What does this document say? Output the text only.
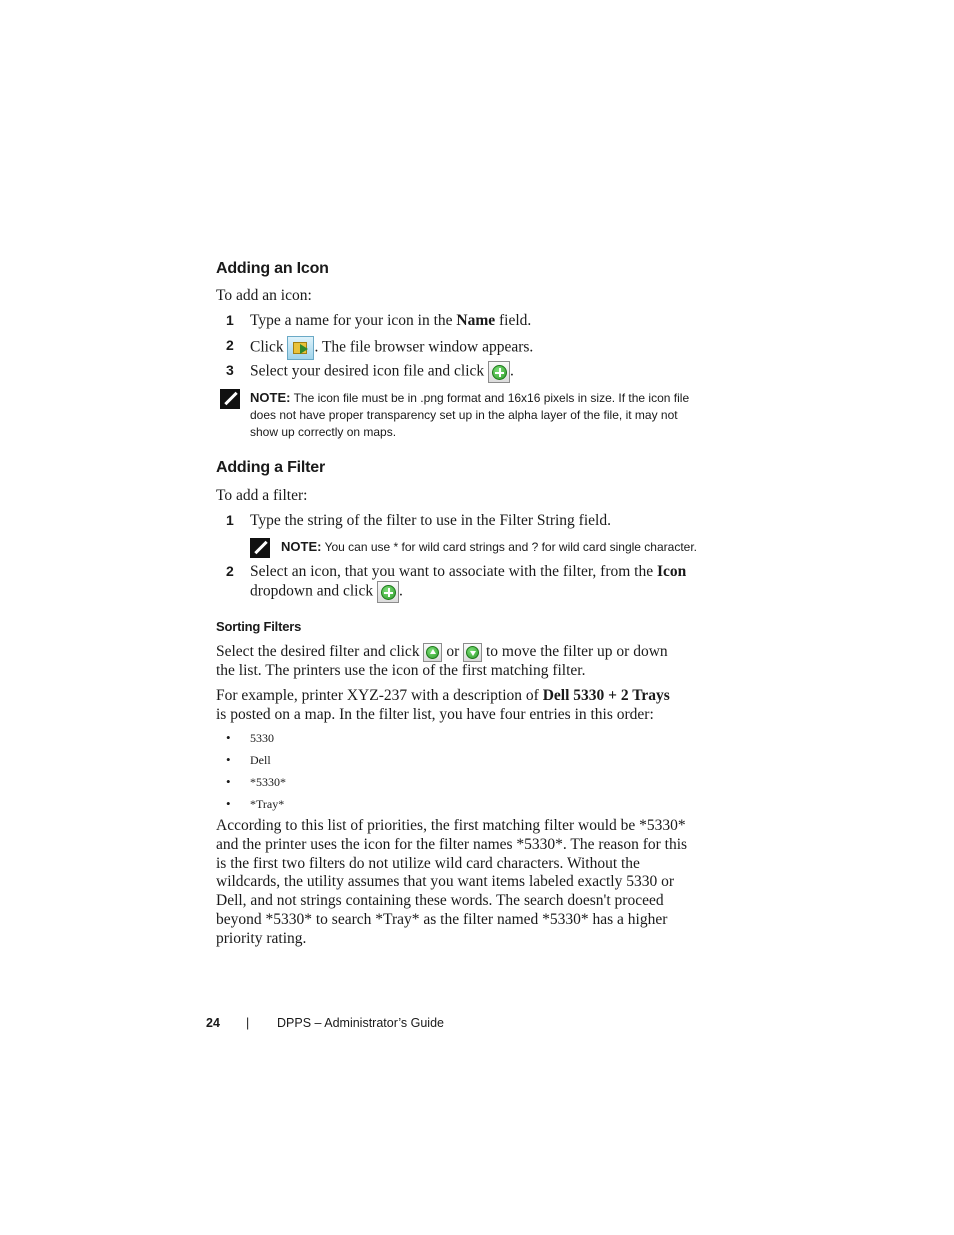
Adding an Icon

To add an icon:

1 Type a name for your icon in the Name field.
2 Click
. The file browser window appears.
3 Select your desired icon file and click
.
NOTE: The icon file must be in .png format and 16x16 pixels in size. If the icon file
does not have proper transparency set up in the alpha layer of the file, it may not
show up correctly on maps.
Adding a Filter

To add a filter:

1 Type the string of the filter to use in the Filter String field.
NOTE: You can use * for wild card strings and ? for wild card single character.
2 Select an icon, that you want to associate with the filter, from the Icon
dropdown and click
.
Sorting Filters
Select the desired filter and click
or
to move the filter up or down
the list. The printers use the icon of the first matching filter.
For example, printer XYZ-237 with a description of Dell 5330 + 2 Trays
is posted on a map. In the filter list, you have four entries in this order:
• 5330
• Dell
• *5330*
• *Tray*
According to this list of priorities, the first matching filter would be *5330*
and the printer uses the icon for the filter names *5330*. The reason for this
is the first two filters do not utilize wild card characters. Without the
wildcards, the utility assumes that you want items labeled exactly 5330 or
Dell, and not strings containing these words. The search doesn't proceed
beyond *5330* to search *Tray* as the filter named *5330* has a higher
priority rating.
24 | DPPS – Administrator’s Guide
